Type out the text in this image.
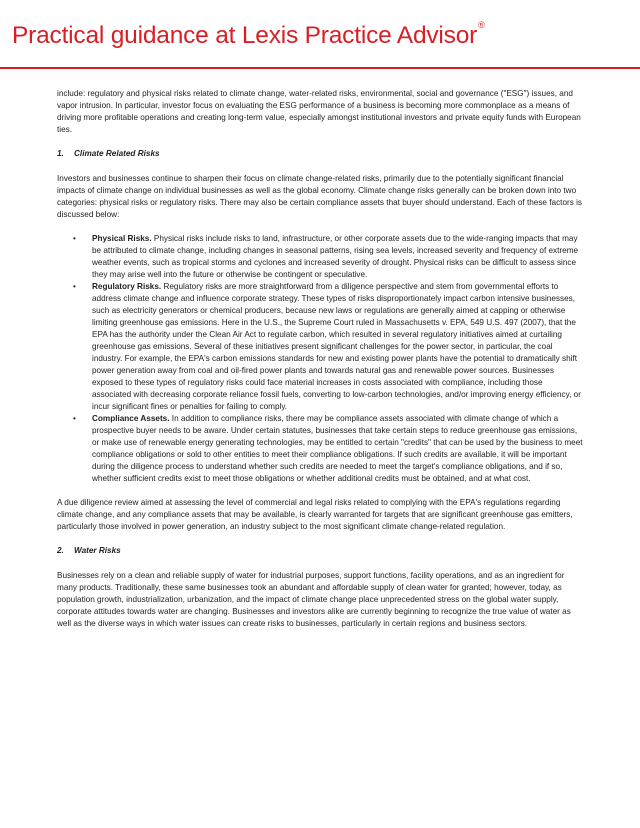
Practical guidance at Lexis Practice Advisor®

include: regulatory and physical risks related to climate change, water-related risks, environmental, social and governance ("ESG") issues, and vapor intrusion. In particular, investor focus on evaluating the ESG performance of a business is becoming more commonplace as a means of driving more profitable operations and creating long-term value, especially amongst institutional investors and private equity funds with European ties.

1. Climate Related Risks

Investors and businesses continue to sharpen their focus on climate change-related risks, primarily due to the potentially significant financial impacts of climate change on individual businesses as well as the global economy. Climate change risks generally can be broken down into two categories: physical risks or regulatory risks. There may also be certain compliance assets that buyer should understand. Each of these factors is discussed below:

• Physical Risks. Physical risks include risks to land, infrastructure, or other corporate assets due to the wide-ranging impacts that may be attributed to climate change, including changes in seasonal patterns, rising sea levels, increased severity and frequency of extreme weather events, such as tropical storms and cyclones and increased severity of drought. Physical risks can be difficult to assess since they may arise well into the future or otherwise be contingent or speculative.
• Regulatory Risks. Regulatory risks are more straightforward from a diligence perspective and stem from governmental efforts to address climate change and influence corporate strategy. These types of risks disproportionately impact carbon intensive businesses, such as electricity generators or chemical producers, because new laws or regulations are generally aimed at capping or otherwise limiting greenhouse gas emissions. Here in the U.S., the Supreme Court ruled in Massachusetts v. EPA, 549 U.S. 497 (2007), that the EPA has the authority under the Clean Air Act to regulate carbon, which resulted in several regulatory initiatives aimed at curtailing greenhouse gas emissions. Several of these initiatives present significant challenges for the power sector, in particular, the coal industry. For example, the EPA's carbon emissions standards for new and existing power plants have the potential to dramatically shift power generation away from coal and oil-fired power plants and towards natural gas and renewable power sources. Businesses exposed to these types of regulatory risks could face material increases in costs associated with compliance, including those associated with decreasing corporate reliance fossil fuels, converting to low-carbon technologies, and/or improving energy efficiency, or incur significant fines or penalties for failing to comply.
• Compliance Assets. In addition to compliance risks, there may be compliance assets associated with climate change of which a prospective buyer needs to be aware. Under certain statutes, businesses that take certain steps to reduce greenhouse gas emissions, or make use of renewable energy generating technologies, may be entitled to certain "credits" that can be used by the business to meet compliance obligations or sold to other entities to meet their compliance obligations. If such credits are available, it will be important during the diligence process to understand whether such credits are needed to meet the target's compliance obligations, and if so, whether sufficient credits exist to meet those obligations or whether additional credits must be obtained, and at what cost.

A due diligence review aimed at assessing the level of commercial and legal risks related to complying with the EPA's regulations regarding climate change, and any compliance assets that may be available, is clearly warranted for targets that are significant greenhouse gas emitters, particularly those involved in power generation, an industry subject to the most significant climate change-related regulation.

2. Water Risks

Businesses rely on a clean and reliable supply of water for industrial purposes, support functions, facility operations, and as an ingredient for many products. Traditionally, these same businesses took an abundant and affordable supply of clean water for granted; however, today, as population growth, industrialization, urbanization, and the impact of climate change place unprecedented stress on the global water supply, corporate attitudes towards water are changing. Businesses and investors alike are currently beginning to recognize the true value of water as well as the diverse ways in which water issues can create risks to businesses, particularly in certain regions and business sectors.
